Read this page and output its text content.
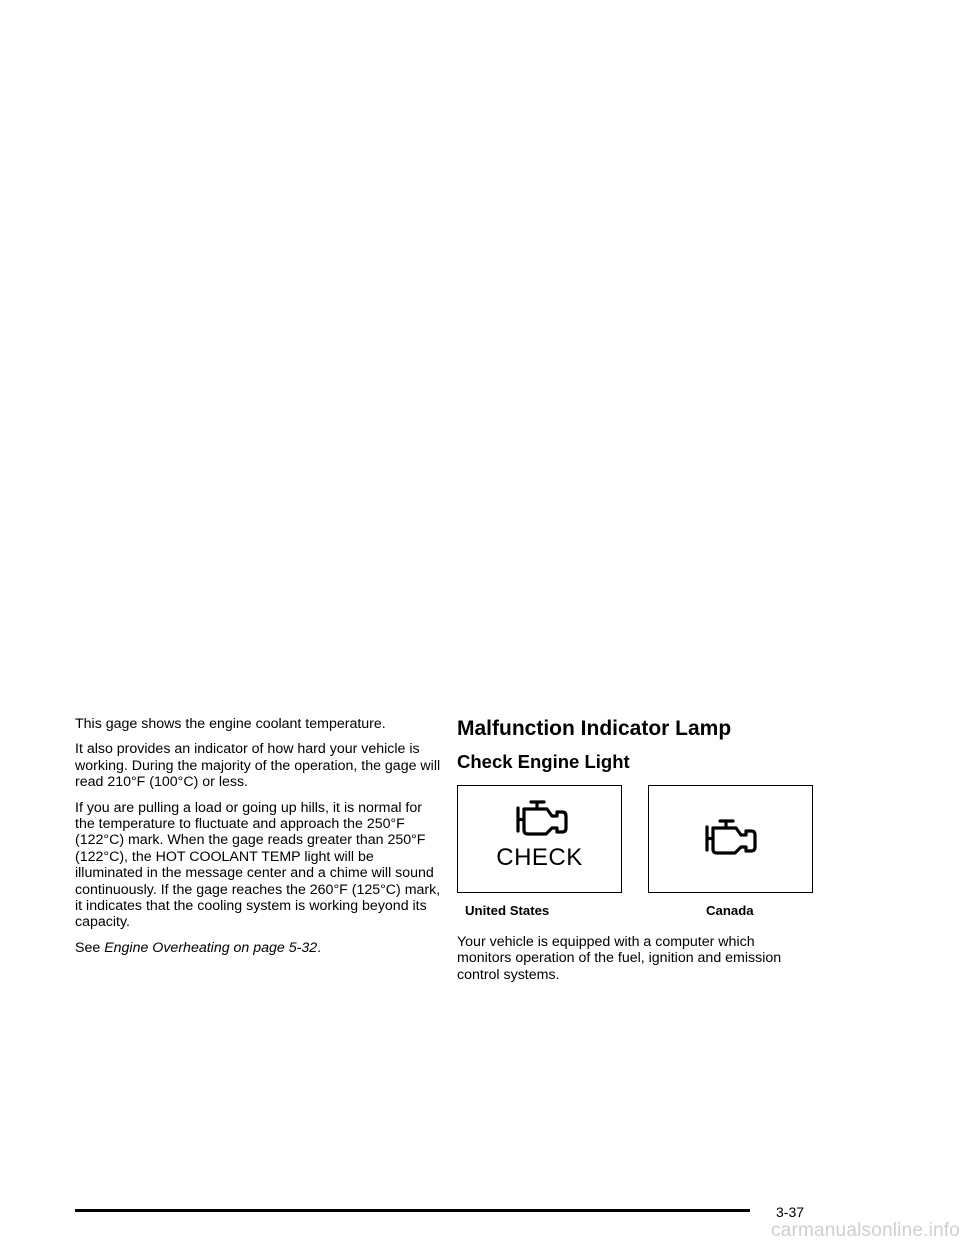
This gage shows the engine coolant temperature.

It also provides an indicator of how hard your vehicle is working. During the majority of the operation, the gage will read 210°F (100°C) or less.

If you are pulling a load or going up hills, it is normal for the temperature to fluctuate and approach the 250°F (122°C) mark. When the gage reads greater than 250°F (122°C), the HOT COOLANT TEMP light will be illuminated in the message center and a chime will sound continuously. If the gage reaches the 260°F (125°C) mark, it indicates that the cooling system is working beyond its capacity.

See Engine Overheating on page 5-32.

Malfunction Indicator Lamp
Check Engine Light
CHECK
United States	Canada

Your vehicle is equipped with a computer which monitors operation of the fuel, ignition and emission control systems.

3-37
carmanualsonline.info
